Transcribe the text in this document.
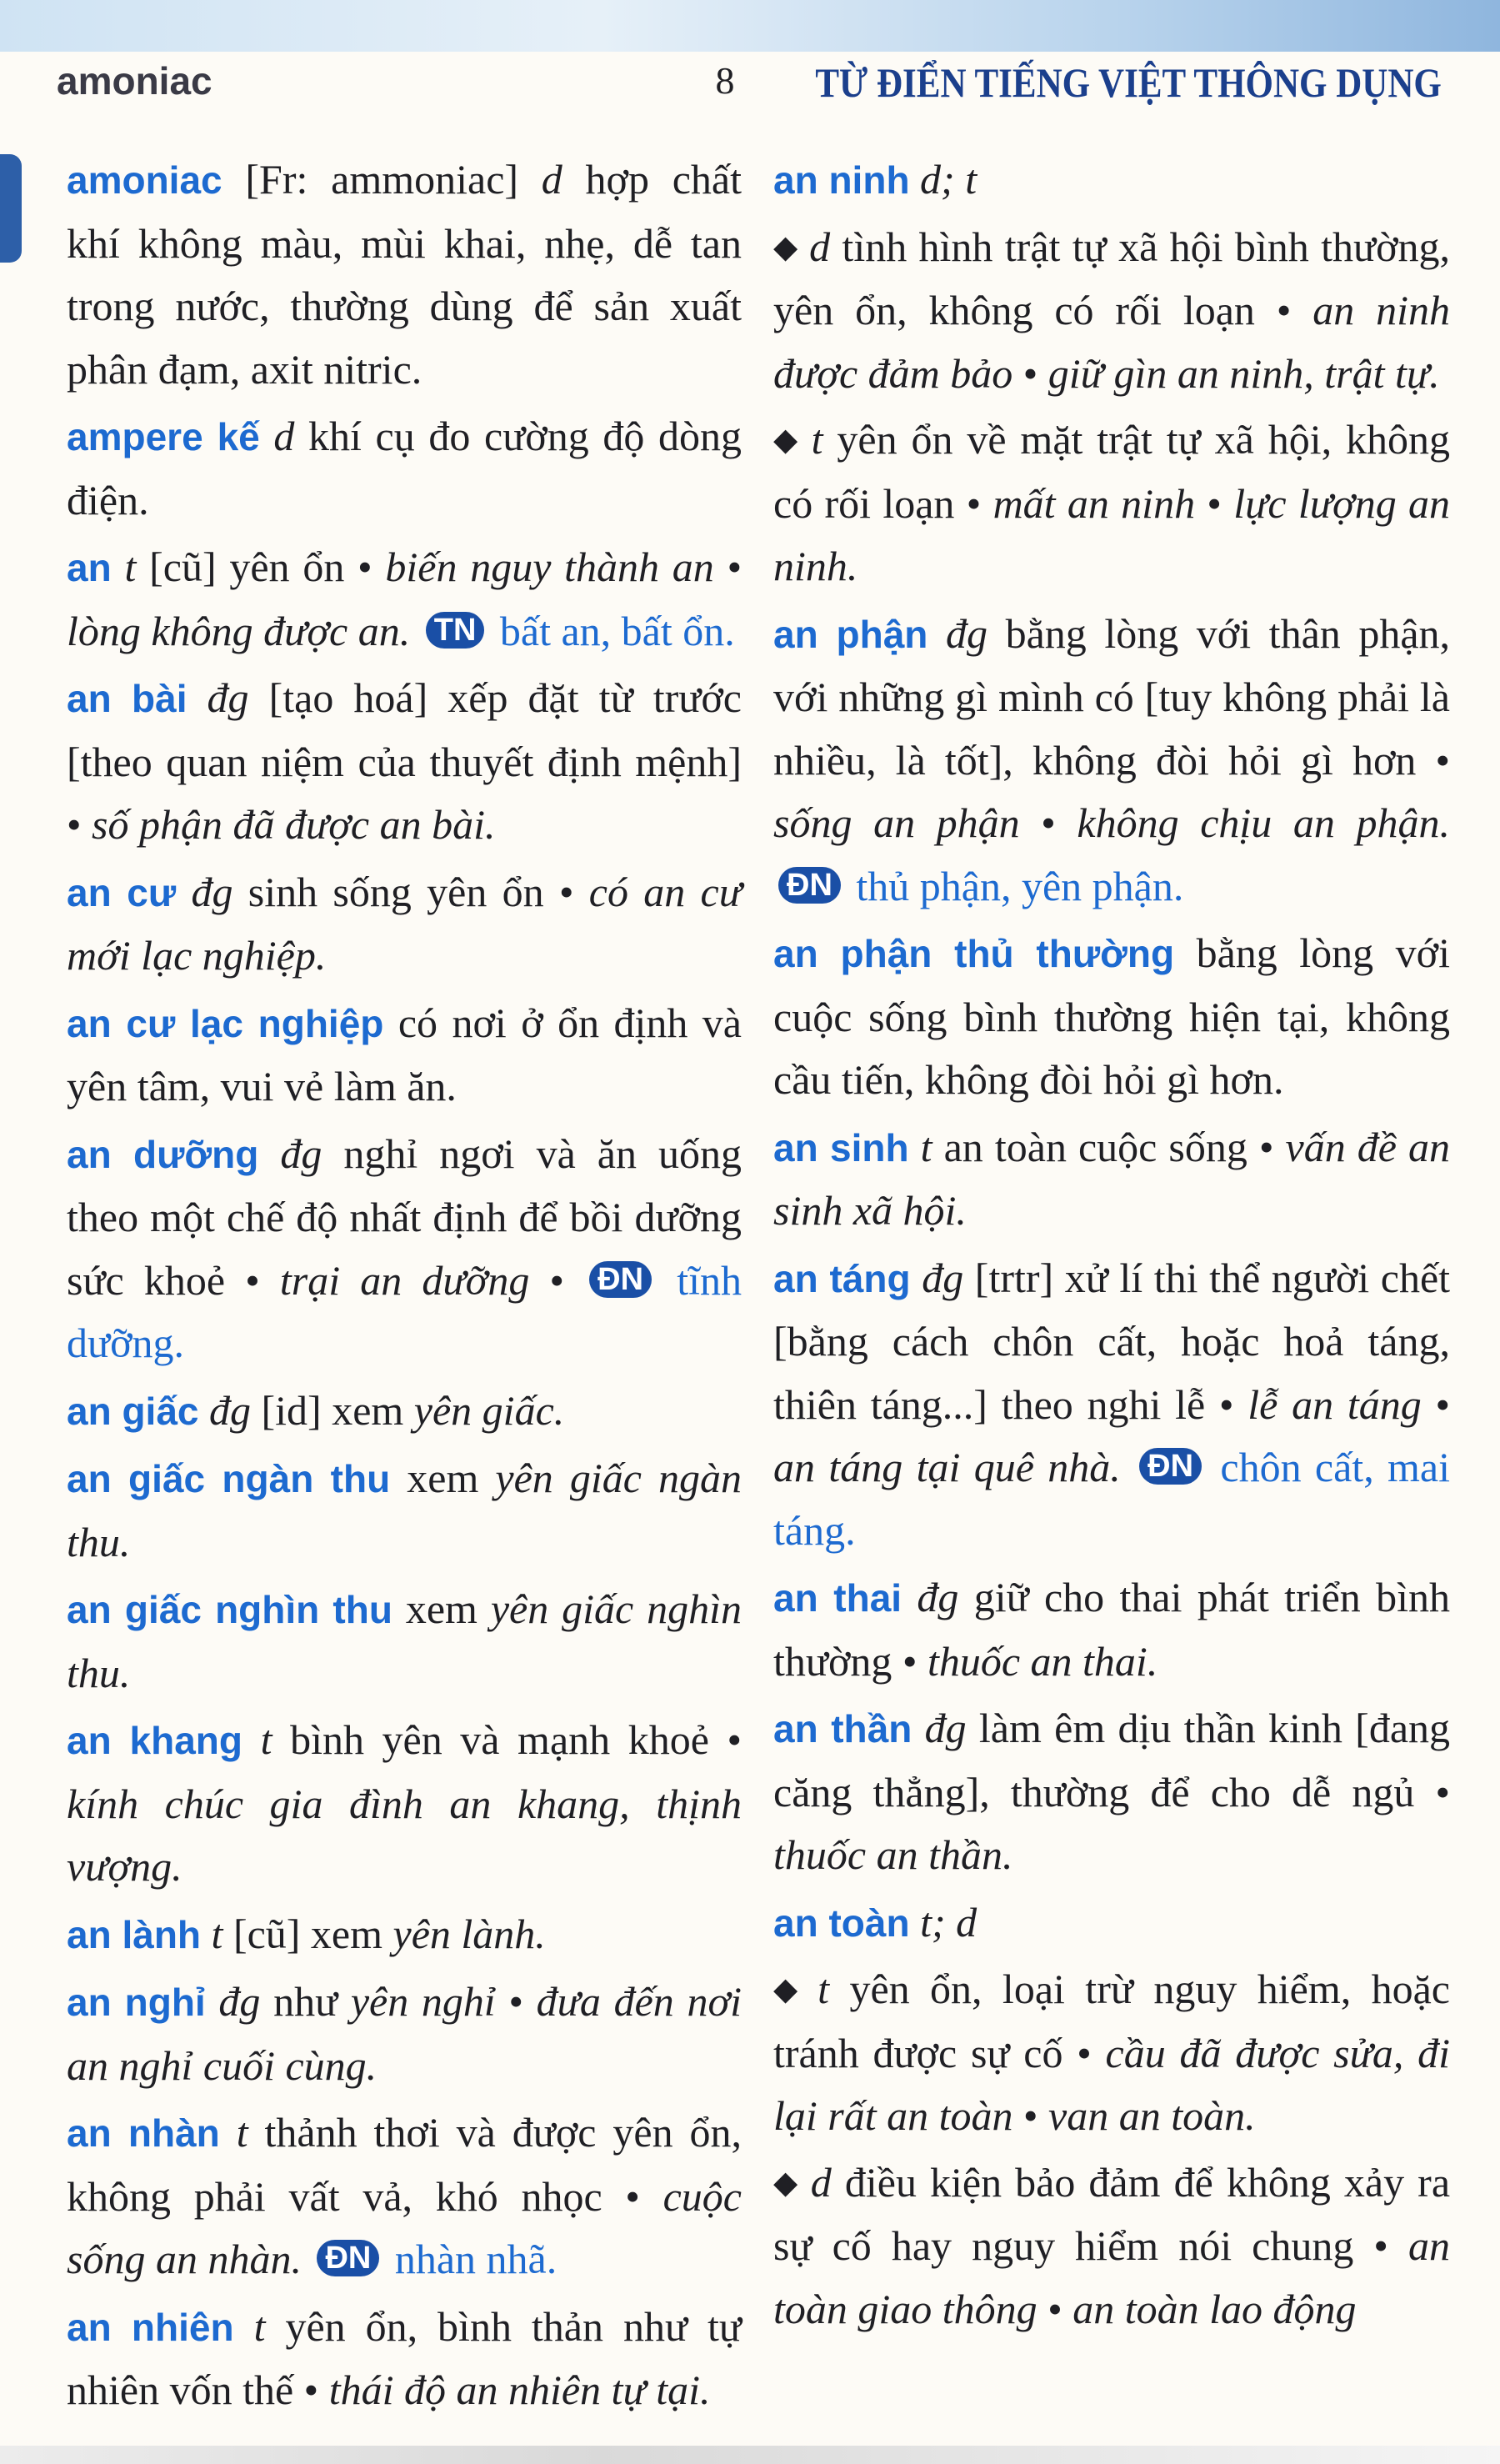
amoniac	8	TỪ ĐIỂN TIẾNG VIỆT THÔNG DỤNG
amoniac [Fr: ammoniac] d hợp chất khí không màu, mùi khai, nhẹ, dễ tan trong nước, thường dùng để sản xuất phân đạm, axit nitric.
ampere kế d khí cụ đo cường độ dòng điện.
an t [cũ] yên ổn • biến nguy thành an • lòng không được an. TN bất an, bất ổn.
an bài đg [tạo hoá] xếp đặt từ trước [theo quan niệm của thuyết định mệnh] • số phận đã được an bài.
an cư đg sinh sống yên ổn • có an cư mới lạc nghiệp.
an cư lạc nghiệp có nơi ở ổn định và yên tâm, vui vẻ làm ăn.
an dưỡng đg nghỉ ngơi và ăn uống theo một chế độ nhất định để bồi dưỡng sức khoẻ • trại an dưỡng • ĐN tĩnh dưỡng.
an giấc đg [id] xem yên giấc.
an giấc ngàn thu xem yên giấc ngàn thu.
an giấc nghìn thu xem yên giấc nghìn thu.
an khang t bình yên và mạnh khoẻ • kính chúc gia đình an khang, thịnh vượng.
an lành t [cũ] xem yên lành.
an nghỉ đg như yên nghỉ • đưa đến nơi an nghỉ cuối cùng.
an nhàn t thảnh thơi và được yên ổn, không phải vất vả, khó nhọc • cuộc sống an nhàn. ĐN nhàn nhã.
an nhiên t yên ổn, bình thản như tự nhiên vốn thế • thái độ an nhiên tự tại.
an ninh d; t
◆ d tình hình trật tự xã hội bình thường, yên ổn, không có rối loạn • an ninh được đảm bảo • giữ gìn an ninh, trật tự.
◆ t yên ổn về mặt trật tự xã hội, không có rối loạn • mất an ninh • lực lượng an ninh.
an phận đg bằng lòng với thân phận, với những gì mình có [tuy không phải là nhiều, là tốt], không đòi hỏi gì hơn • sống an phận • không chịu an phận. ĐN thủ phận, yên phận.
an phận thủ thường bằng lòng với cuộc sống bình thường hiện tại, không cầu tiến, không đòi hỏi gì hơn.
an sinh t an toàn cuộc sống • vấn đề an sinh xã hội.
an táng đg [trtr] xử lí thi thể người chết [bằng cách chôn cất, hoặc hoả táng, thiên táng...] theo nghi lễ • lễ an táng • an táng tại quê nhà. ĐN chôn cất, mai táng.
an thai đg giữ cho thai phát triển bình thường • thuốc an thai.
an thần đg làm êm dịu thần kinh [đang căng thẳng], thường để cho dễ ngủ • thuốc an thần.
an toàn t; d
◆ t yên ổn, loại trừ nguy hiểm, hoặc tránh được sự cố • cầu đã được sửa, đi lại rất an toàn • van an toàn.
◆ d điều kiện bảo đảm để không xảy ra sự cố hay nguy hiểm nói chung • an toàn giao thông • an toàn lao động
